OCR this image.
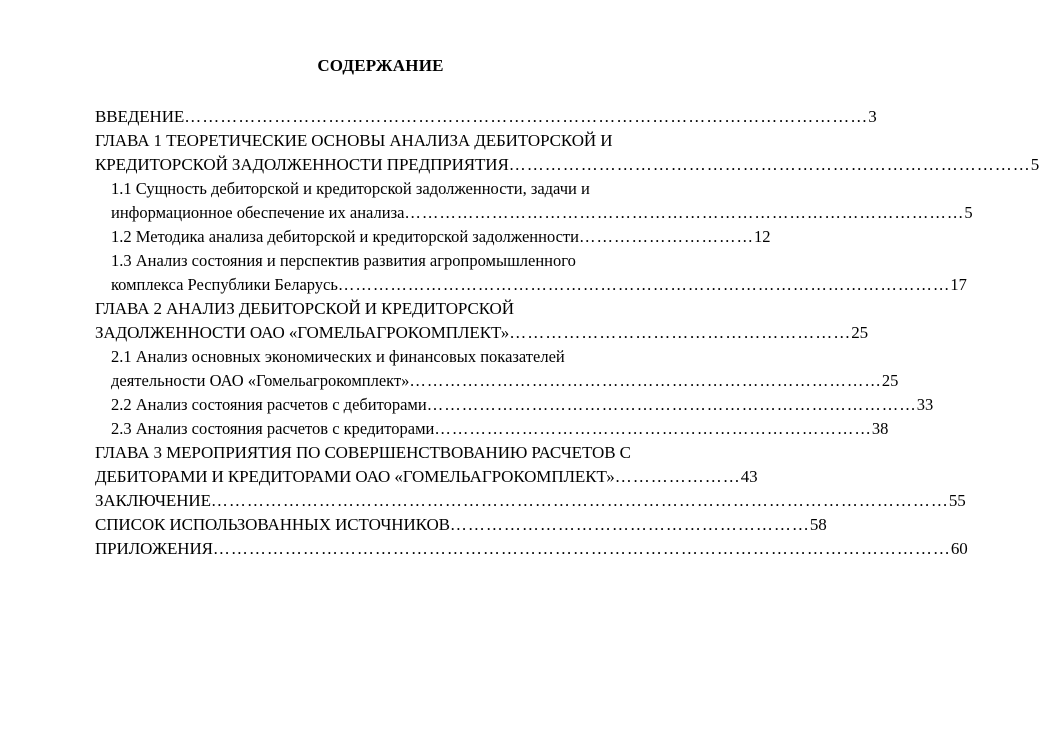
СОДЕРЖАНИЕ
ВВЕДЕНИЕ …………………………………………………………………………………………………… 3
ГЛАВА 1 ТЕОРЕТИЧЕСКИЕ ОСНОВЫ АНАЛИЗА ДЕБИТОРСКОЙ И
КРЕДИТОРСКОЙ ЗАДОЛЖЕННОСТИ ПРЕДПРИЯТИЯ …………………………………………………………………………… 5
1.1 Сущность дебиторской и кредиторской задолженности, задачи и
информационное обеспечение их анализа …………………………………………………………………………………… 5
1.2 Методика анализа дебиторской и кредиторской задолженности ………………………… 12
1.3 Анализ состояния и перспектив развития агропромышленного
комплекса Республики Беларусь …………………………………………………………………………………………… 17
ГЛАВА 2 АНАЛИЗ ДЕБИТОРСКОЙ И КРЕДИТОРСКОЙ
ЗАДОЛЖЕННОСТИ ОАО «ГОМЕЛЬАГРОКОМПЛЕКТ» ………………………………………………… 25
2.1 Анализ основных экономических и финансовых показателей
деятельности ОАО «Гомельагрокомплект» ……………………………………………………………………… 25
2.2 Анализ состояния расчетов с дебиторами ………………………………………………………………………… 33
2.3 Анализ состояния расчетов с кредиторами ………………………………………………………………… 38
ГЛАВА 3 МЕРОПРИЯТИЯ ПО СОВЕРШЕНСТВОВАНИЮ РАСЧЕТОВ С
ДЕБИТОРАМИ И КРЕДИТОРАМИ ОАО «ГОМЕЛЬАГРОКОМПЛЕКТ» ………………… 43
ЗАКЛЮЧЕНИЕ …………………………………………………………………………………………………………… 55
СПИСОК ИСПОЛЬЗОВАННЫХ ИСТОЧНИКОВ …………………………………………………… 58
ПРИЛОЖЕНИЯ …………………………………………………………………………………………………………… 60
